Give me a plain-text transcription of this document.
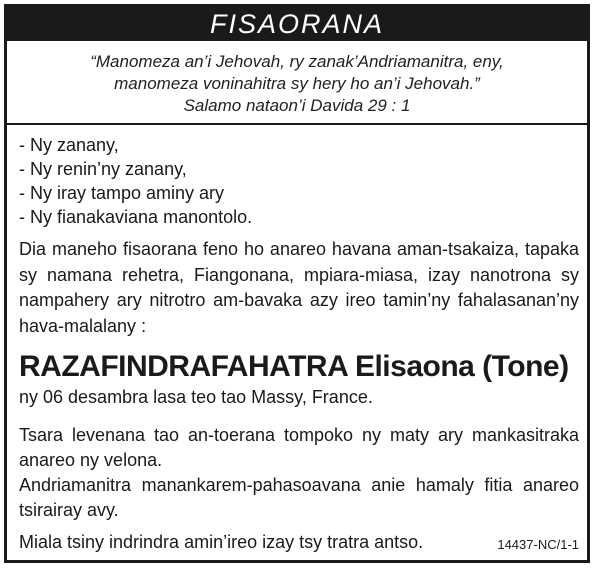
FISAORANA
“Manomeza an’i Jehovah, ry zanak’Andriamanitra, eny,
manomeza voninahitra sy hery ho an’i Jehovah.”
Salamo nataon’i Davida 29 : 1
- Ny zanany,
- Ny renin’ny zanany,
- Ny iray tampo aminy ary
- Ny fianakaviana manontolo.
Dia maneho fisaorana feno ho anareo havana aman-tsakaiza, tapaka sy namana rehetra, Fiangonana, mpiara-miasa, izay nanotrona sy nampahery ary nitrotro am-bavaka azy ireo tamin’ny fahalasanan’ny hava-malalany :
RAZAFINDRAFAHATRA Elisaona (Tone)
ny 06 desambra lasa teo tao Massy, France.
Tsara levenana tao an-toerana tompoko ny maty ary mankasitraka anareo ny velona.
Andriamanitra manankarem-pahasoavana anie hamaly fitia anareo tsirairay avy.
Miala tsiny indrindra amin’ireo izay tsy tratra antso.	14437-NC/1-1
